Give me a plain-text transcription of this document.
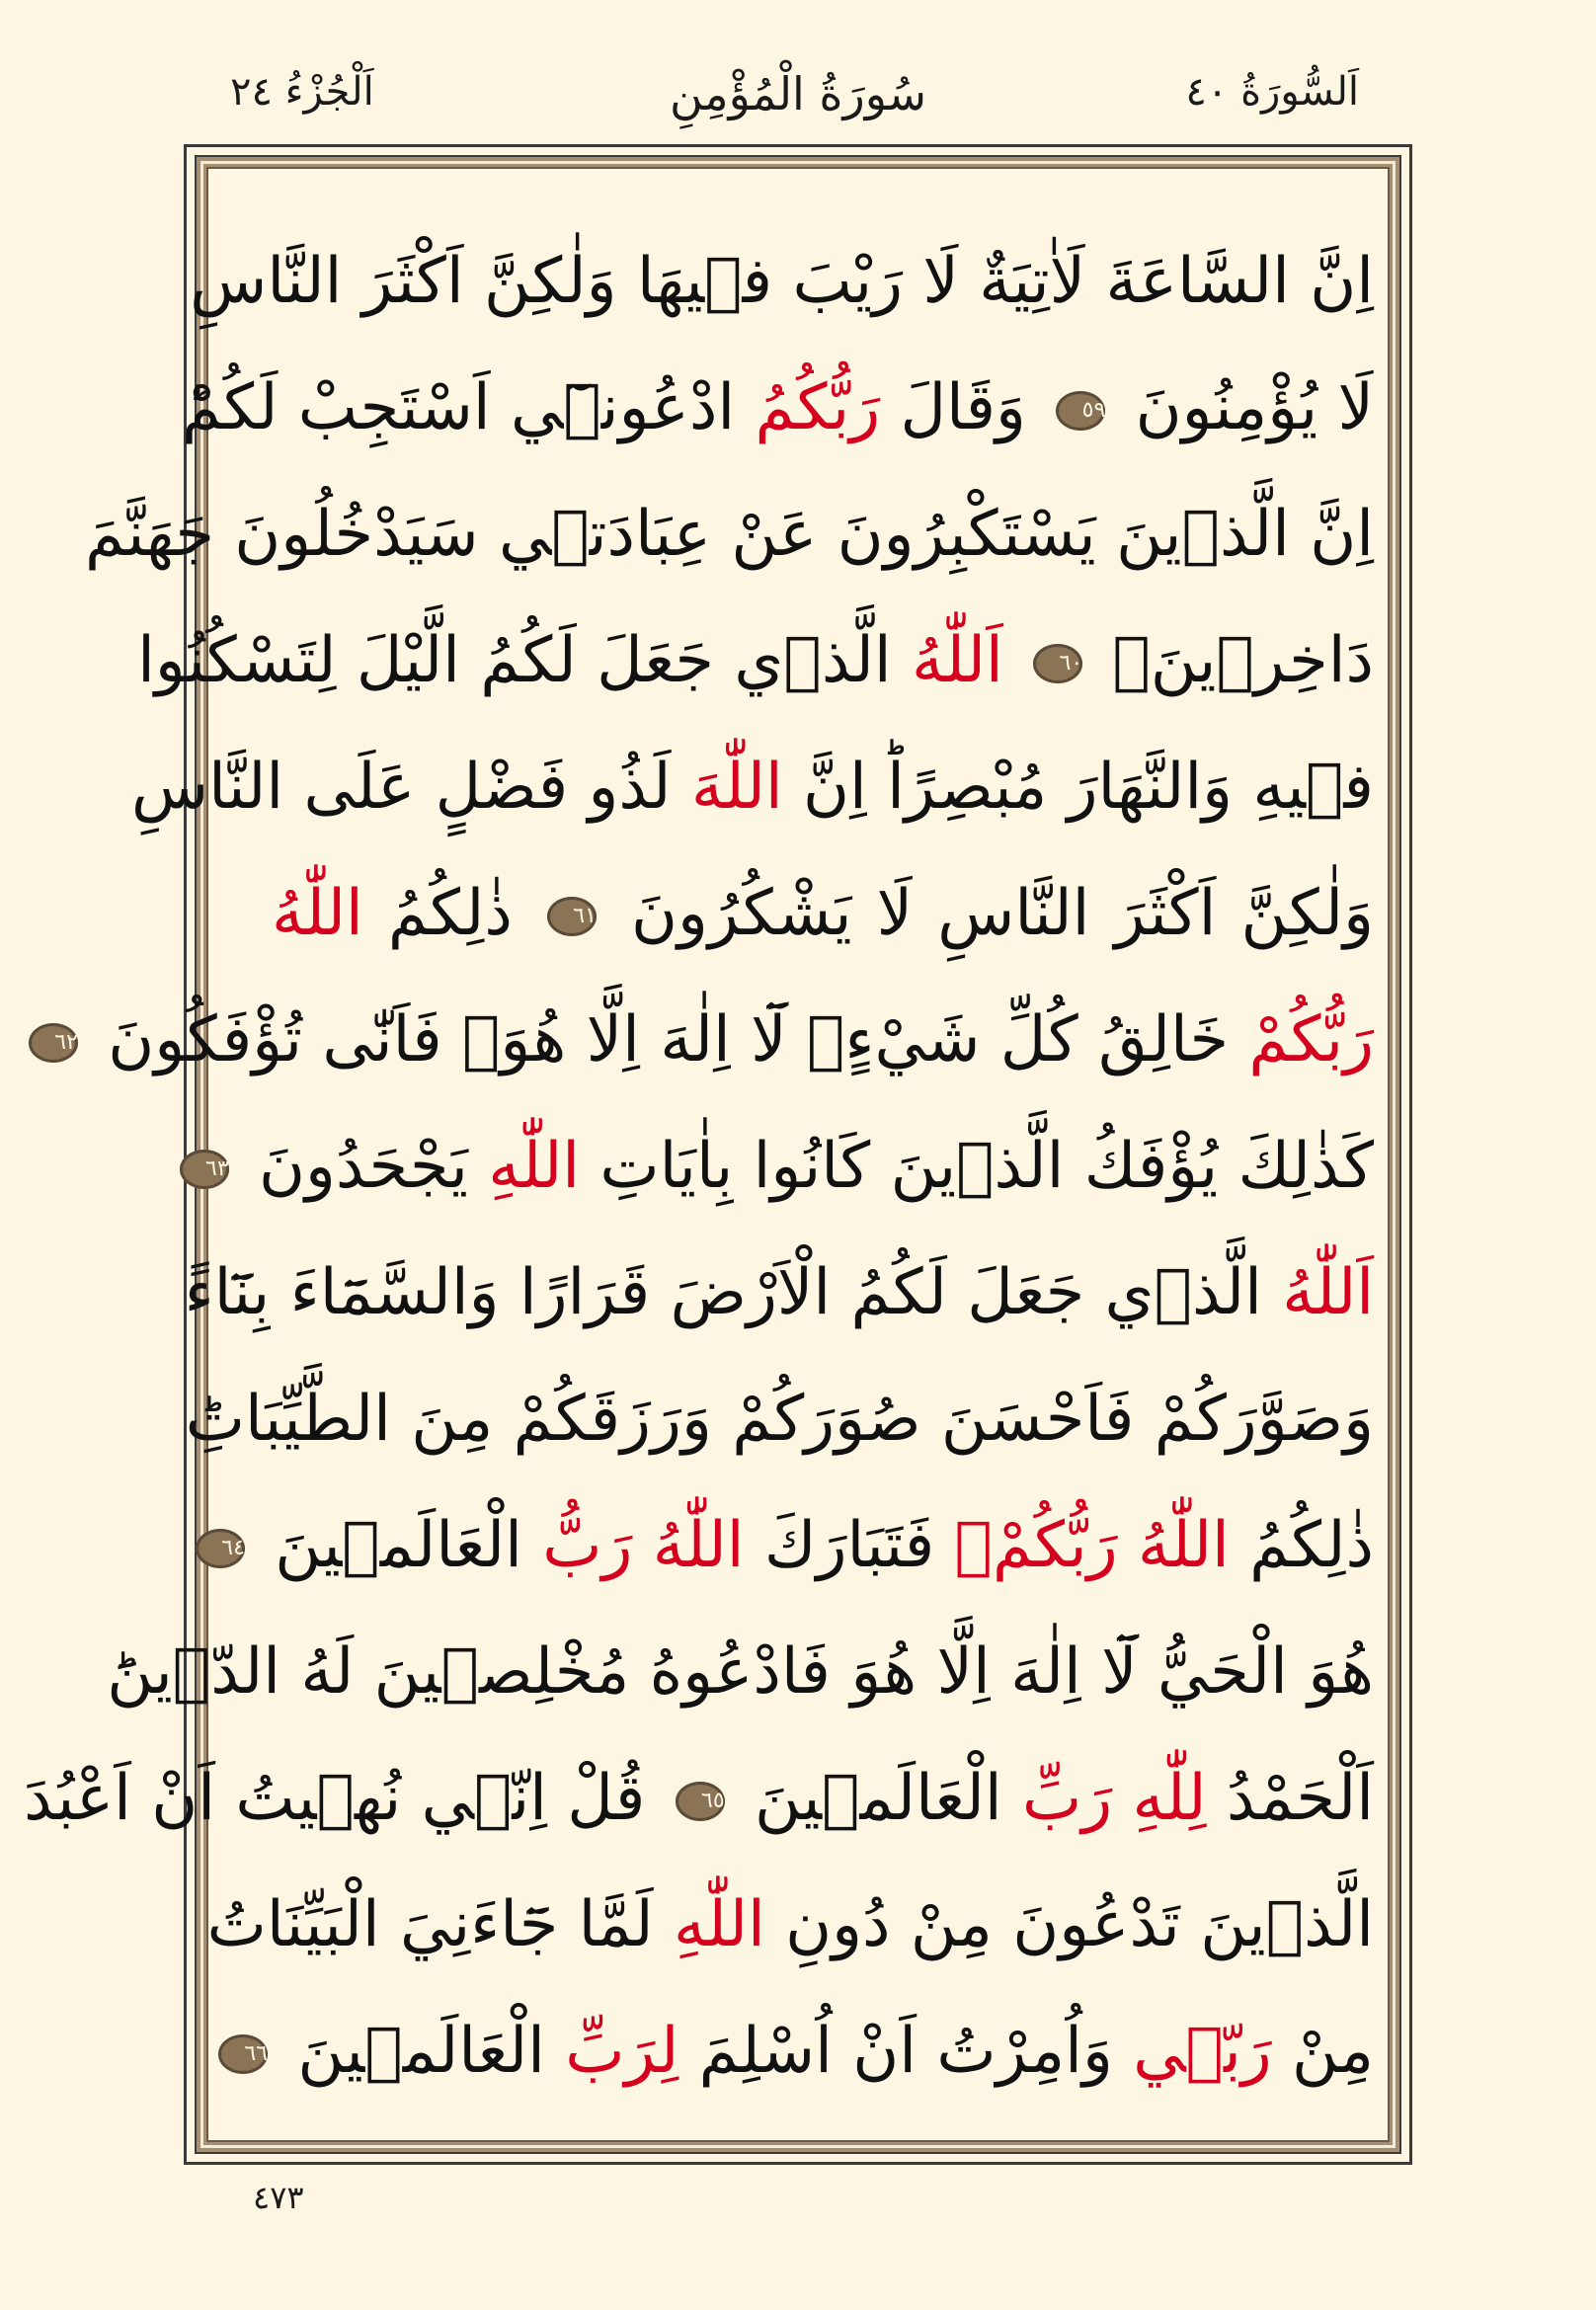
اَلْجُزْءُ ٢٤	سُورَةُ الْمُؤْمِنِ	اَلسُّورَةُ ٤٠
اِنَّ السَّاعَةَ لَاٰتِيَةٌ لَا رَيْبَ فٖيهَا وَلٰكِنَّ اَكْثَرَ النَّاسِ
لَا يُؤْمِنُونَ ٥٩ وَقَالَ رَبُّكُمُ ادْعُونٖٓي اَسْتَجِبْ لَكُمْؕ
اِنَّ الَّذٖينَ يَسْتَكْبِرُونَ عَنْ عِبَادَتٖي سَيَدْخُلُونَ جَهَنَّمَ
دَاخِرٖينَ۟ ٦٠ اَللّٰهُ الَّذٖي جَعَلَ لَكُمُ الَّيْلَ لِتَسْكُنُوا
فٖيهِ وَالنَّهَارَ مُبْصِرًاؕ اِنَّ اللّٰهَ لَذُو فَضْلٍ عَلَى النَّاسِ
وَلٰكِنَّ اَكْثَرَ النَّاسِ لَا يَشْكُرُونَ ٦١ ذٰلِكُمُ اللّٰهُ
رَبُّكُمْ خَالِقُ كُلِّ شَيْءٍۢ لَٓا اِلٰهَ اِلَّا هُوَۘ فَاَنّٰى تُؤْفَكُونَ ٦٢
كَذٰلِكَ يُؤْفَكُ الَّذٖينَ كَانُوا بِاٰيَاتِ اللّٰهِ يَجْحَدُونَ ٦٣
اَللّٰهُ الَّذٖي جَعَلَ لَكُمُ الْاَرْضَ قَرَارًا وَالسَّمَٓاءَ بِنَٓاءً
وَصَوَّرَكُمْ فَاَحْسَنَ صُوَرَكُمْ وَرَزَقَكُمْ مِنَ الطَّيِّبَاتِؕ
ذٰلِكُمُ اللّٰهُ رَبُّكُمْۚ فَتَبَارَكَ اللّٰهُ رَبُّ الْعَالَمٖينَ ٦٤
هُوَ الْحَيُّ لَٓا اِلٰهَ اِلَّا هُوَ فَادْعُوهُ مُخْلِصٖينَ لَهُ الدّٖينَؕ
اَلْحَمْدُ لِلّٰهِ رَبِّ الْعَالَمٖينَ ٦٥ قُلْ اِنّٖي نُهٖيتُ اَنْ اَعْبُدَ
الَّذٖينَ تَدْعُونَ مِنْ دُونِ اللّٰهِ لَمَّا جَٓاءَنِيَ الْبَيِّنَاتُ
مِنْ رَبّٖي وَاُمِرْتُ اَنْ اُسْلِمَ لِرَبِّ الْعَالَمٖينَ ٦٦
٤٧٣
